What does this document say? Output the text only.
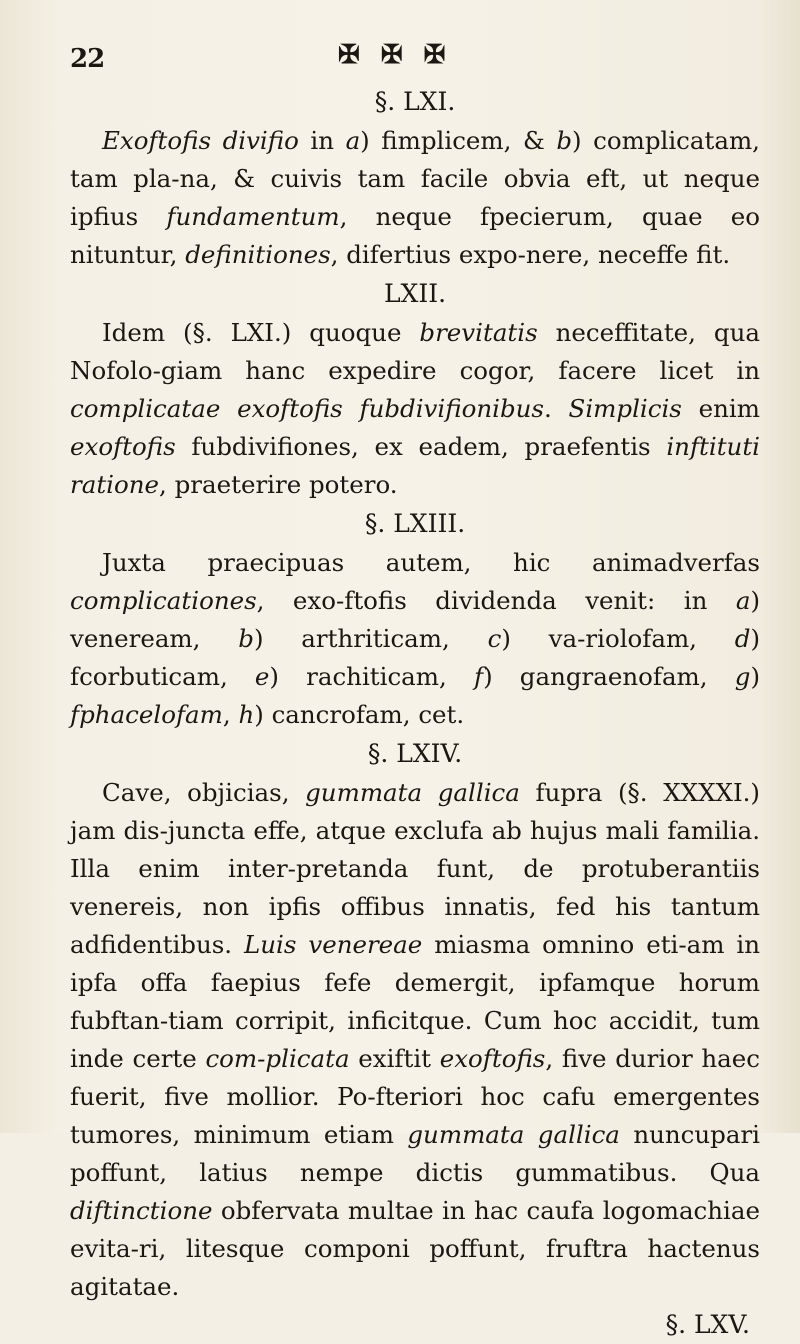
22	✠ ✠ ✠

§. LXI.

Exoftofis divifio in a) fimplicem, & b) complicatam, tam pla-na, & cuivis tam facile obvia eft, ut neque ipfius fundamentum, neque fpecierum, quae eo nituntur, definitiones, difertius expo-nere, neceffe fit.

LXII.

Idem (§. LXI.) quoque brevitatis neceffitate, qua Nofolo-giam hanc expedire cogor, facere licet in complicatae exoftofis fubdivifionibus. Simplicis enim exoftofis fubdivifiones, ex eadem, praefentis inftituti ratione, praeterire potero.

§. LXIII.

Juxta praecipuas autem, hic animadverfas complicationes, exo-ftofis dividenda venit: in a) veneream, b) arthriticam, c) va-riolofam, d) fcorbuticam, e) rachiticam, f) gangraenofam, g) fphacelofam, h) cancrofam, cet.

§. LXIV.

Cave, objicias, gummata gallica fupra (§. XXXXI.) jam dis-juncta effe, atque exclufa ab hujus mali familia. Illa enim inter-pretanda funt, de protuberantiis venereis, non ipfis offibus innatis, fed his tantum adfidentibus. Luis venereae miasma omnino eti-am in ipfa offa faepius fefe demergit, ipfamque horum fubftan-tiam corripit, inficitque. Cum hoc accidit, tum inde certe com-plicata exiftit exoftofis, five durior haec fuerit, five mollior. Po-fteriori hoc cafu emergentes tumores, minimum etiam gummata gallica nuncupari poffunt, latius nempe dictis gummatibus. Qua diftinctione obfervata multae in hac caufa logomachiae evita-ri, litesque componi poffunt, fruftra hactenus agitatae.

§. LXV.
